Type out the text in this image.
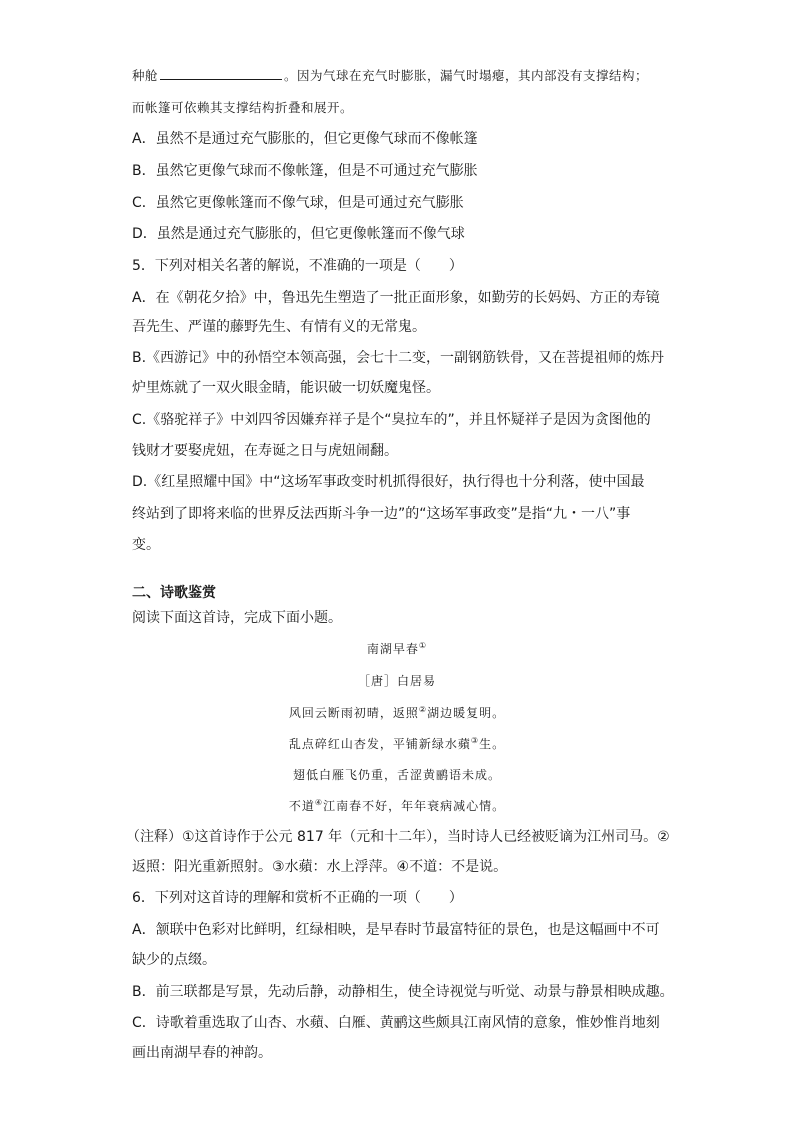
种舱	。因为气球在充气时膨胀，漏气时塌瘪，其内部没有支撑结构；
而帐篷可依赖其支撑结构折叠和展开。
A．虽然不是通过充气膨胀的，但它更像气球而不像帐篷
B．虽然它更像气球而不像帐篷，但是不可通过充气膨胀
C．虽然它更像帐篷而不像气球，但是可通过充气膨胀
D．虽然是通过充气膨胀的，但它更像帐篷而不像气球
5．下列对相关名著的解说，不准确的一项是（　　）
A．在《朝花夕拾》中，鲁迅先生塑造了一批正面形象，如勤劳的长妈妈、方正的寿镜
吾先生、严谨的藤野先生、有情有义的无常鬼。
B.《西游记》中的孙悟空本领高强，会七十二变，一副钢筋铁骨，又在菩提祖师的炼丹
炉里炼就了一双火眼金睛，能识破一切妖魔鬼怪。
C.《骆驼祥子》中刘四爷因嫌弃祥子是个“臭拉车的”，并且怀疑祥子是因为贪图他的
钱财才要娶虎妞，在寿诞之日与虎妞闹翻。
D.《红星照耀中国》中“这场军事政变时机抓得很好，执行得也十分利落，使中国最
终站到了即将来临的世界反法西斯斗争一边”的“这场军事政变”是指“九・一八”事
变。
二、诗歌鉴赏
阅读下面这首诗，完成下面小题。
南湖早春①
［唐］白居易
风回云断雨初晴，返照②湖边暖复明。
乱点碎红山杏发，平铺新绿水蘋③生。
翅低白雁飞仍重，舌涩黄鹂语未成。
不道④江南春不好，年年衰病减心情。
（注释）①这首诗作于公元 817 年（元和十二年），当时诗人已经被贬谪为江州司马。②
返照：阳光重新照射。③水蘋：水上浮萍。④不道：不是说。
6．下列对这首诗的理解和赏析不正确的一项（　　）
A．颔联中色彩对比鲜明，红绿相映，是早春时节最富特征的景色，也是这幅画中不可
缺少的点缀。
B．前三联都是写景，先动后静，动静相生，使全诗视觉与听觉、动景与静景相映成趣。
C．诗歌着重选取了山杏、水蘋、白雁、黄鹂这些颇具江南风情的意象，惟妙惟肖地刻
画出南湖早春的神韵。
